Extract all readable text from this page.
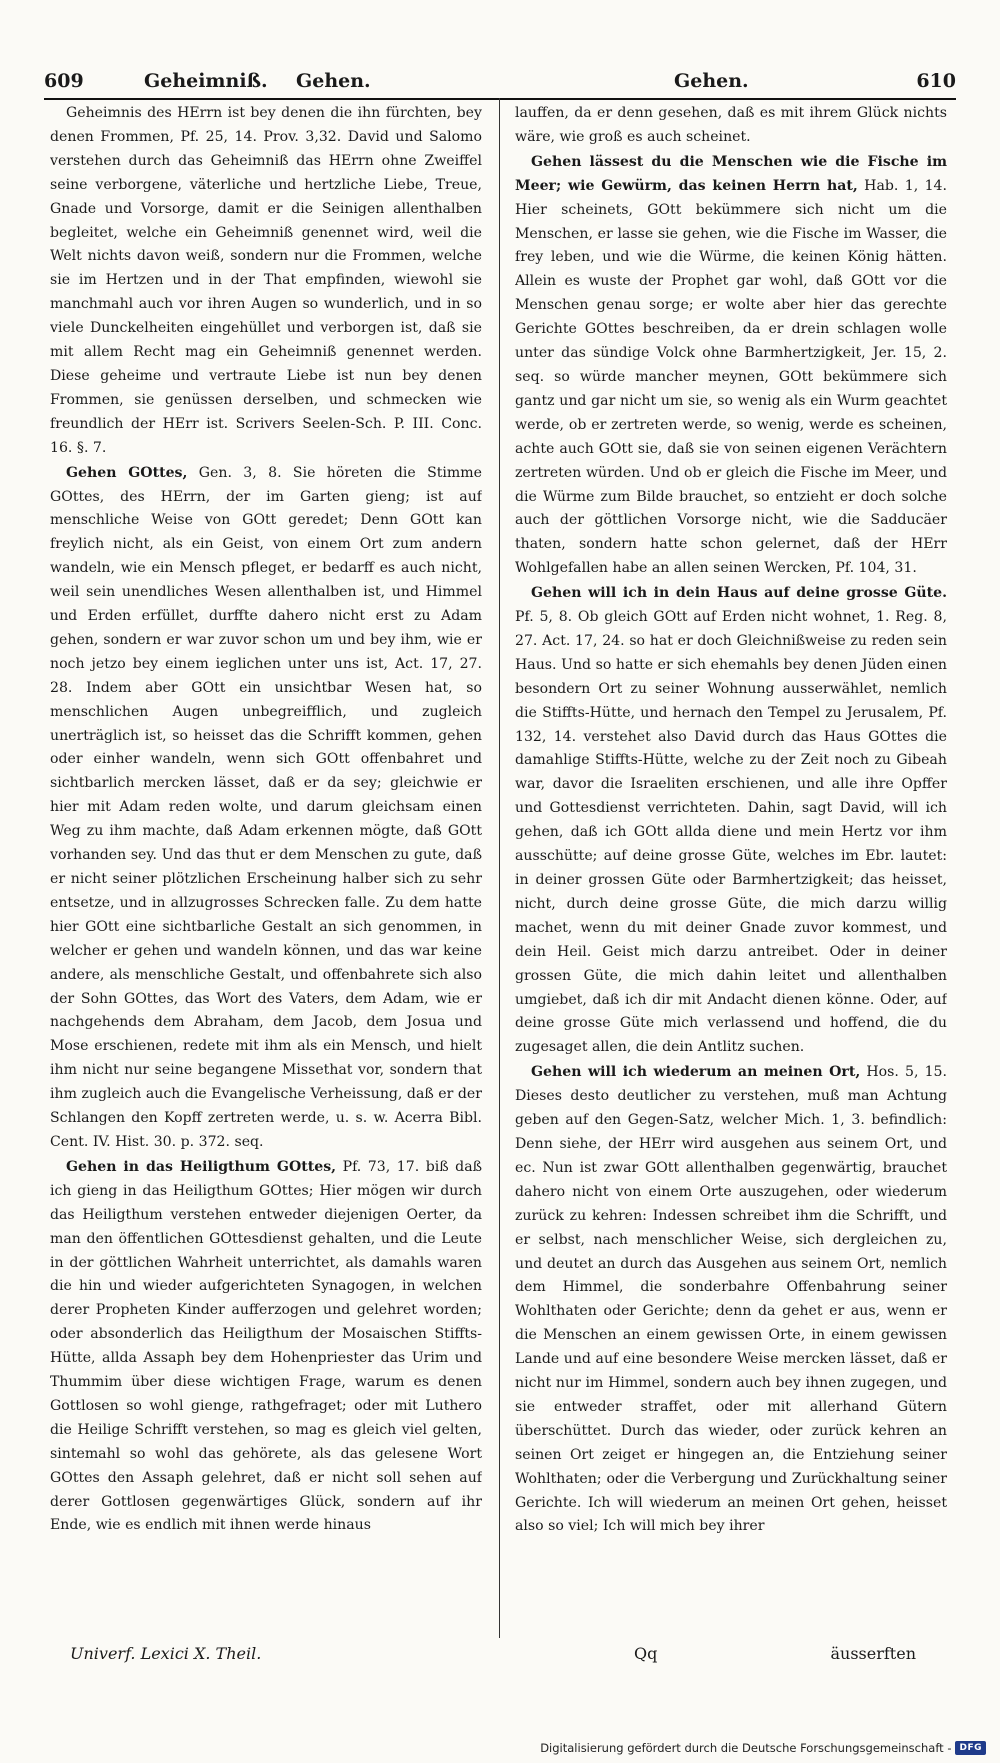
609	Geheimniß. Gehen.	Gehen.	610

Geheimnis des HErrn ist bey denen die ihn fürchten, bey denen Frommen, Pf. 25, 14. Prov. 3,32. David und Salomo verstehen durch das Geheimniß das HErrn ohne Zweiffel seine verborgene, väterliche und hertzliche Liebe, Treue, Gnade und Vorsorge, damit er die Seinigen allenthalben begleitet, welche ein Geheimniß genennet wird, weil die Welt nichts davon weiß, sondern nur die Frommen, welche sie im Hertzen und in der That empfinden, wiewohl sie manchmahl auch vor ihren Augen so wunderlich, und in so viele Dunckelheiten eingehüllet und verborgen ist, daß sie mit allem Recht mag ein Geheimniß genennet werden. Diese geheime und vertraute Liebe ist nun bey denen Frommen, sie genüssen derselben, und schmecken wie freundlich der HErr ist. Scrivers Seelen-Sch. P. III. Conc. 16. §. 7.

Gehen GOttes, Gen. 3, 8. Sie höreten die Stimme GOttes, des HErrn, der im Garten gieng; ist auf menschliche Weise von GOtt geredet; Denn GOtt kan freylich nicht, als ein Geist, von einem Ort zum andern wandeln, wie ein Mensch pfleget, er bedarff es auch nicht, weil sein unendliches Wesen allenthalben ist, und Himmel und Erden erfüllet, durffte dahero nicht erst zu Adam gehen, sondern er war zuvor schon um und bey ihm, wie er noch jetzo bey einem ieglichen unter uns ist, Act. 17, 27. 28. Indem aber GOtt ein unsichtbar Wesen hat, so menschlichen Augen unbegreifflich, und zugleich unerträglich ist, so heisset das die Schrifft kommen, gehen oder einher wandeln, wenn sich GOtt offenbahret und sichtbarlich mercken lässet, daß er da sey; gleichwie er hier mit Adam reden wolte, und darum gleichsam einen Weg zu ihm machte, daß Adam erkennen mögte, daß GOtt vorhanden sey. Und das thut er dem Menschen zu gute, daß er nicht seiner plötzlichen Erscheinung halber sich zu sehr entsetze, und in allzugrosses Schrecken falle. Zu dem hatte hier GOtt eine sichtbarliche Gestalt an sich genommen, in welcher er gehen und wandeln können, und das war keine andere, als menschliche Gestalt, und offenbahrete sich also der Sohn GOttes, das Wort des Vaters, dem Adam, wie er nachgehends dem Abraham, dem Jacob, dem Josua und Mose erschienen, redete mit ihm als ein Mensch, und hielt ihm nicht nur seine begangene Missethat vor, sondern that ihm zugleich auch die Evangelische Verheissung, daß er der Schlangen den Kopff zertreten werde, u. s. w. Acerra Bibl. Cent. IV. Hist. 30. p. 372. seq.

Gehen in das Heiligthum GOttes, Pf. 73, 17. biß daß ich gieng in das Heiligthum GOttes; Hier mögen wir durch das Heiligthum verstehen entweder diejenigen Oerter, da man den öffentlichen GOttesdienst gehalten, und die Leute in der göttlichen Wahrheit unterrichtet, als damahls waren die hin und wieder aufgerichteten Synagogen, in welchen derer Propheten Kinder aufferzogen und gelehret worden; oder absonderlich das Heiligthum der Mosaischen Stiffts-Hütte, allda Assaph bey dem Hohenpriester das Urim und Thummim über diese wichtigen Frage, warum es denen Gottlosen so wohl gienge, rathgefraget; oder mit Luthero die Heilige Schrifft verstehen, so mag es gleich viel gelten, sintemahl so wohl das gehörete, als das gelesene Wort GOttes den Assaph gelehret, daß er nicht soll sehen auf derer Gottlosen gegenwärtiges Glück, sondern auf ihr Ende, wie es endlich mit ihnen werde hinaus

lauffen, da er denn gesehen, daß es mit ihrem Glück nichts wäre, wie groß es auch scheinet.

Gehen lässest du die Menschen wie die Fische im Meer; wie Gewürm, das keinen Herrn hat, Hab. 1, 14. Hier scheinets, GOtt bekümmere sich nicht um die Menschen, er lasse sie gehen, wie die Fische im Wasser, die frey leben, und wie die Würme, die keinen König hätten. Allein es wuste der Prophet gar wohl, daß GOtt vor die Menschen genau sorge; er wolte aber hier das gerechte Gerichte GOttes beschreiben, da er drein schlagen wolle unter das sündige Volck ohne Barmhertzigkeit, Jer. 15, 2. seq. so würde mancher meynen, GOtt bekümmere sich gantz und gar nicht um sie, so wenig als ein Wurm geachtet werde, ob er zertreten werde, so wenig, werde es scheinen, achte auch GOtt sie, daß sie von seinen eigenen Verächtern zertreten würden. Und ob er gleich die Fische im Meer, und die Würme zum Bilde brauchet, so entzieht er doch solche auch der göttlichen Vorsorge nicht, wie die Sadducäer thaten, sondern hatte schon gelernet, daß der HErr Wohlgefallen habe an allen seinen Wercken, Pf. 104, 31.

Gehen will ich in dein Haus auf deine grosse Güte. Pf. 5, 8. Ob gleich GOtt auf Erden nicht wohnet, 1. Reg. 8, 27. Act. 17, 24. so hat er doch Gleichnißweise zu reden sein Haus. Und so hatte er sich ehemahls bey denen Jüden einen besondern Ort zu seiner Wohnung ausserwählet, nemlich die Stiffts-Hütte, und hernach den Tempel zu Jerusalem, Pf. 132, 14. verstehet also David durch das Haus GOttes die damahlige Stiffts-Hütte, welche zu der Zeit noch zu Gibeah war, davor die Israeliten erschienen, und alle ihre Opffer und Gottesdienst verrichteten. Dahin, sagt David, will ich gehen, daß ich GOtt allda diene und mein Hertz vor ihm ausschütte; auf deine grosse Güte, welches im Ebr. lautet: in deiner grossen Güte oder Barmhertzigkeit; das heisset, nicht, durch deine grosse Güte, die mich darzu willig machet, wenn du mit deiner Gnade zuvor kommest, und dein Heil. Geist mich darzu antreibet. Oder in deiner grossen Güte, die mich dahin leitet und allenthalben umgiebet, daß ich dir mit Andacht dienen könne. Oder, auf deine grosse Güte mich verlassend und hoffend, die du zugesaget allen, die dein Antlitz suchen.

Gehen will ich wiederum an meinen Ort, Hos. 5, 15. Dieses desto deutlicher zu verstehen, muß man Achtung geben auf den Gegen-Satz, welcher Mich. 1, 3. befindlich: Denn siehe, der HErr wird ausgehen aus seinem Ort, und ec. Nun ist zwar GOtt allenthalben gegenwärtig, brauchet dahero nicht von einem Orte auszugehen, oder wiederum zurück zu kehren: Indessen schreibet ihm die Schrifft, und er selbst, nach menschlicher Weise, sich dergleichen zu, und deutet an durch das Ausgehen aus seinem Ort, nemlich dem Himmel, die sonderbahre Offenbahrung seiner Wohlthaten oder Gerichte; denn da gehet er aus, wenn er die Menschen an einem gewissen Orte, in einem gewissen Lande und auf eine besondere Weise mercken lässet, daß er nicht nur im Himmel, sondern auch bey ihnen zugegen, und sie entweder straffet, oder mit allerhand Gütern überschüttet. Durch das wieder, oder zurück kehren an seinen Ort zeiget er hingegen an, die Entziehung seiner Wohlthaten; oder die Verbergung und Zurückhaltung seiner Gerichte. Ich will wiederum an meinen Ort gehen, heisset also so viel; Ich will mich bey ihrer

Univerf. Lexici X. Theil.	Qq	äusserften
Digitalisierung gefördert durch die Deutsche Forschungsgemeinschaft - DFG
